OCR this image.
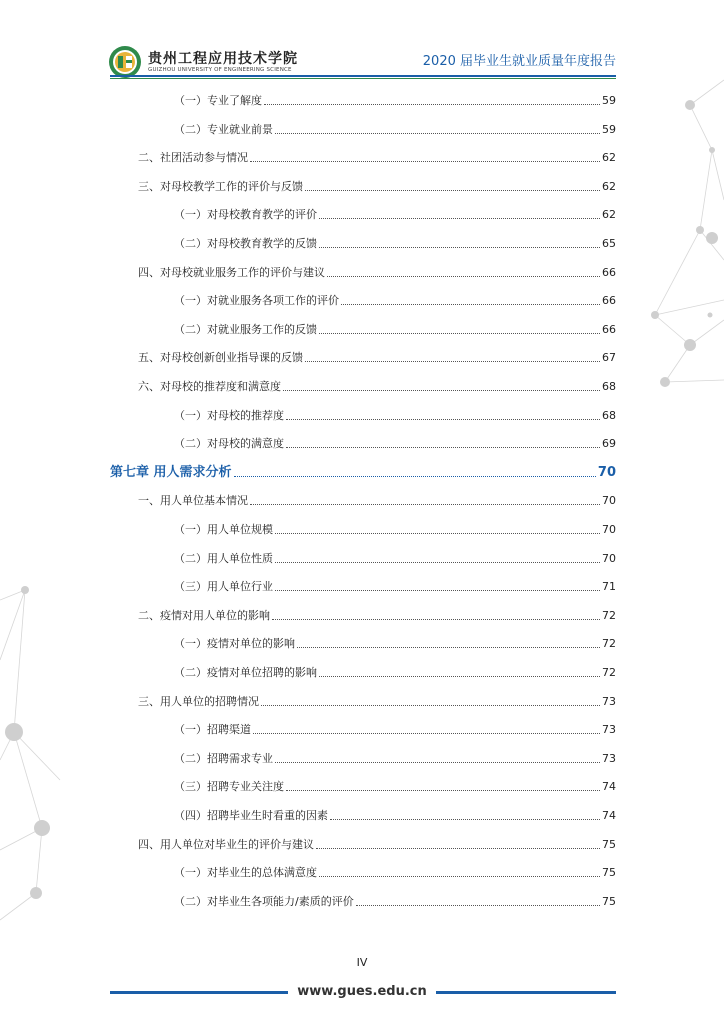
贵州工程应用技术学院
GUIZHOU UNIVERSITY OF ENGINEERING SCIENCE
2020 届毕业生就业质量年度报告
（一）专业了解度	59
（二）专业就业前景	59
二、社团活动参与情况	62
三、对母校教学工作的评价与反馈	62
（一）对母校教育教学的评价	62
（二）对母校教育教学的反馈	65
四、对母校就业服务工作的评价与建议	66
（一）对就业服务各项工作的评价	66
（二）对就业服务工作的反馈	66
五、对母校创新创业指导课的反馈	67
六、对母校的推荐度和满意度	68
（一）对母校的推荐度	68
（二）对母校的满意度	69
第七章 用人需求分析	70
一、用人单位基本情况	70
（一）用人单位规模	70
（二）用人单位性质	70
（三）用人单位行业	71
二、疫情对用人单位的影响	72
（一）疫情对单位的影响	72
（二）疫情对单位招聘的影响	72
三、用人单位的招聘情况	73
（一）招聘渠道	73
（二）招聘需求专业	73
（三）招聘专业关注度	74
（四）招聘毕业生时看重的因素	74
四、用人单位对毕业生的评价与建议	75
（一）对毕业生的总体满意度	75
（二）对毕业生各项能力/素质的评价	75
IV
www.gues.edu.cn
